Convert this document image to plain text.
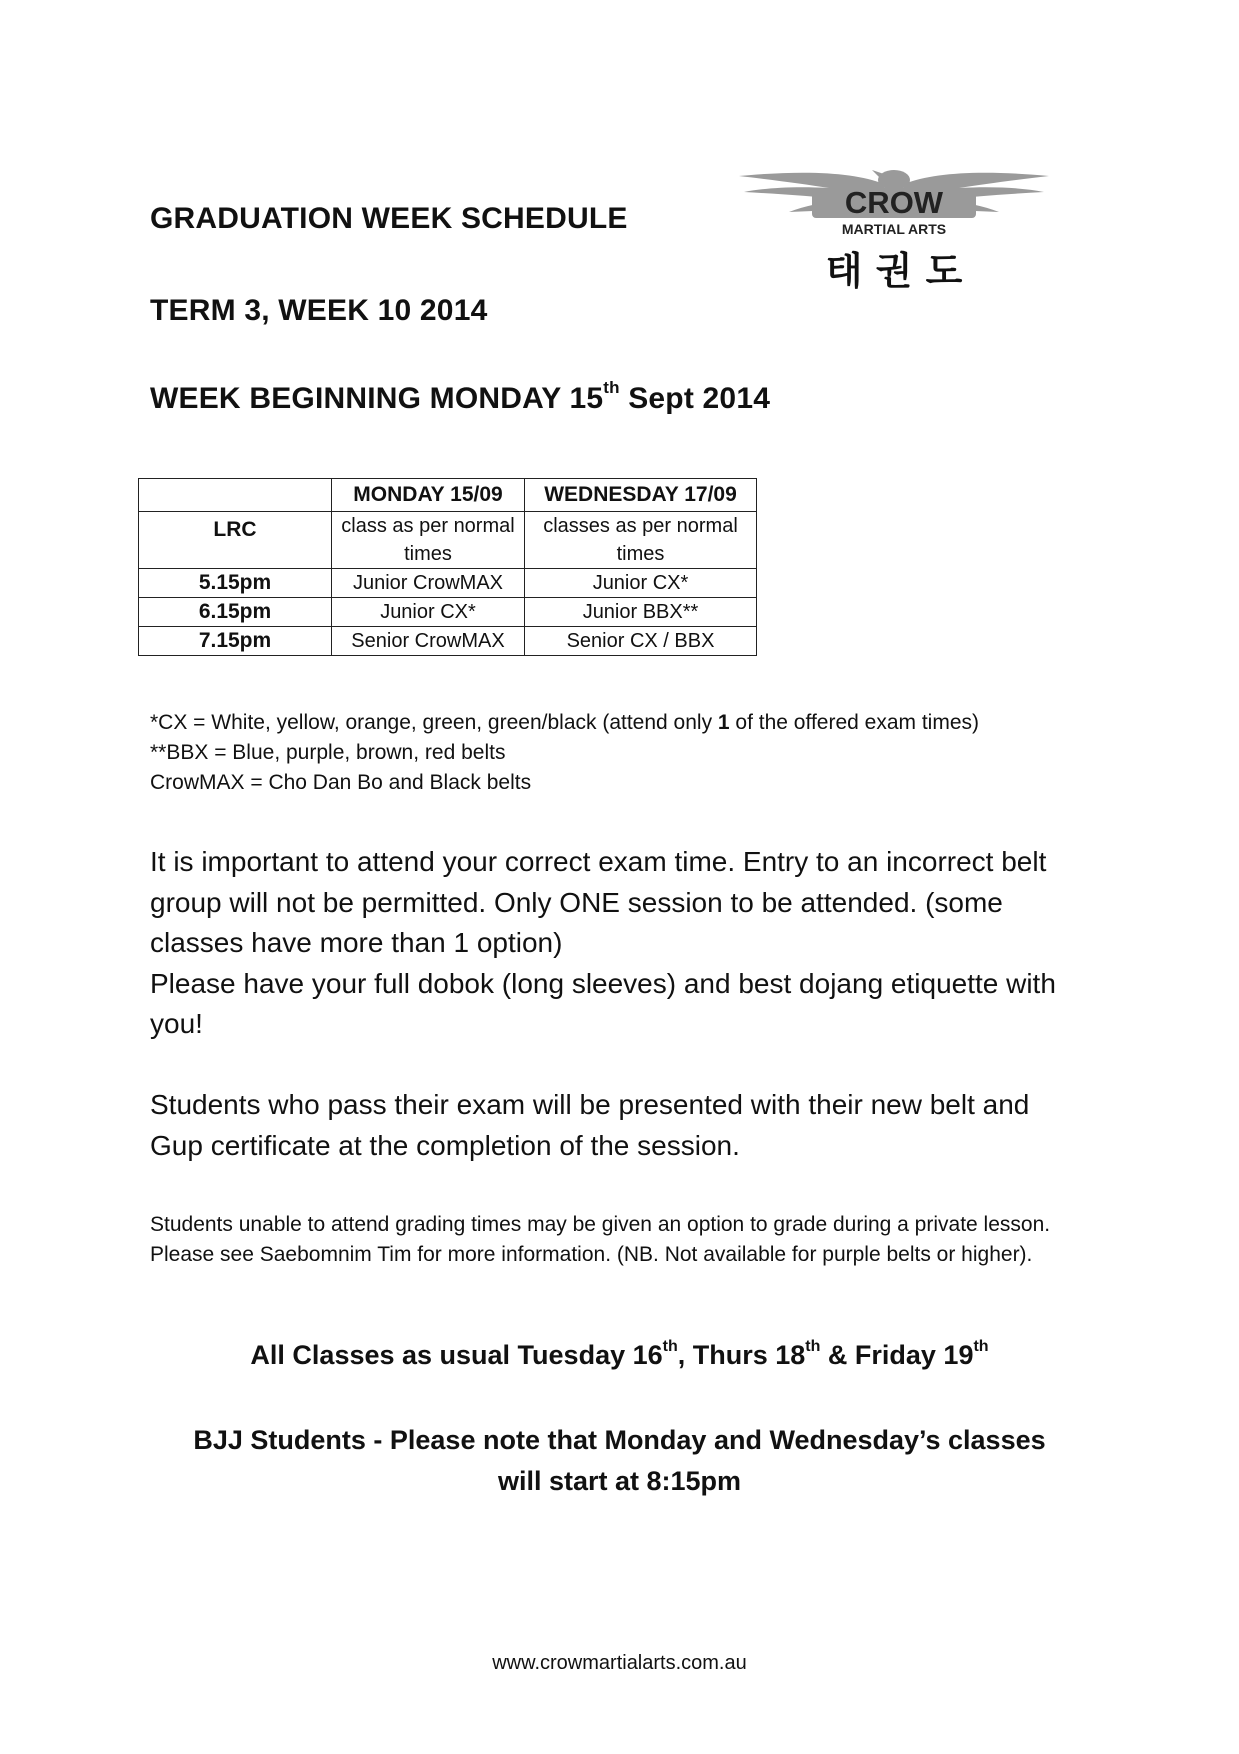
GRADUATION WEEK SCHEDULE
TERM 3, WEEK 10 2014
WEEK BEGINNING MONDAY 15th Sept 2014
CROW
MARTIAL ARTS
태 권 도
	MONDAY 15/09	WEDNESDAY 17/09
LRC	class as per normal times	classes as per normal times
5.15pm	Junior CrowMAX	Junior CX*
6.15pm	Junior CX*	Junior BBX**
7.15pm	Senior CrowMAX	Senior CX / BBX
*CX = White, yellow, orange, green, green/black (attend only 1 of the offered exam times)
**BBX = Blue, purple, brown, red belts
CrowMAX = Cho Dan Bo and Black belts
It is important to attend your correct exam time. Entry to an incorrect belt group will not be permitted. Only ONE session to be attended. (some classes have more than 1 option)
Please have your full dobok (long sleeves) and best dojang etiquette with you!
Students who pass their exam will be presented with their new belt and Gup certificate at the completion of the session.
Students unable to attend grading times may be given an option to grade during a private lesson. Please see Saebomnim Tim for more information. (NB. Not available for purple belts or higher).
All Classes as usual Tuesday 16th, Thurs 18th & Friday 19th
BJJ Students - Please note that Monday and Wednesday’s classes
will start at 8:15pm
www.crowmartialarts.com.au
